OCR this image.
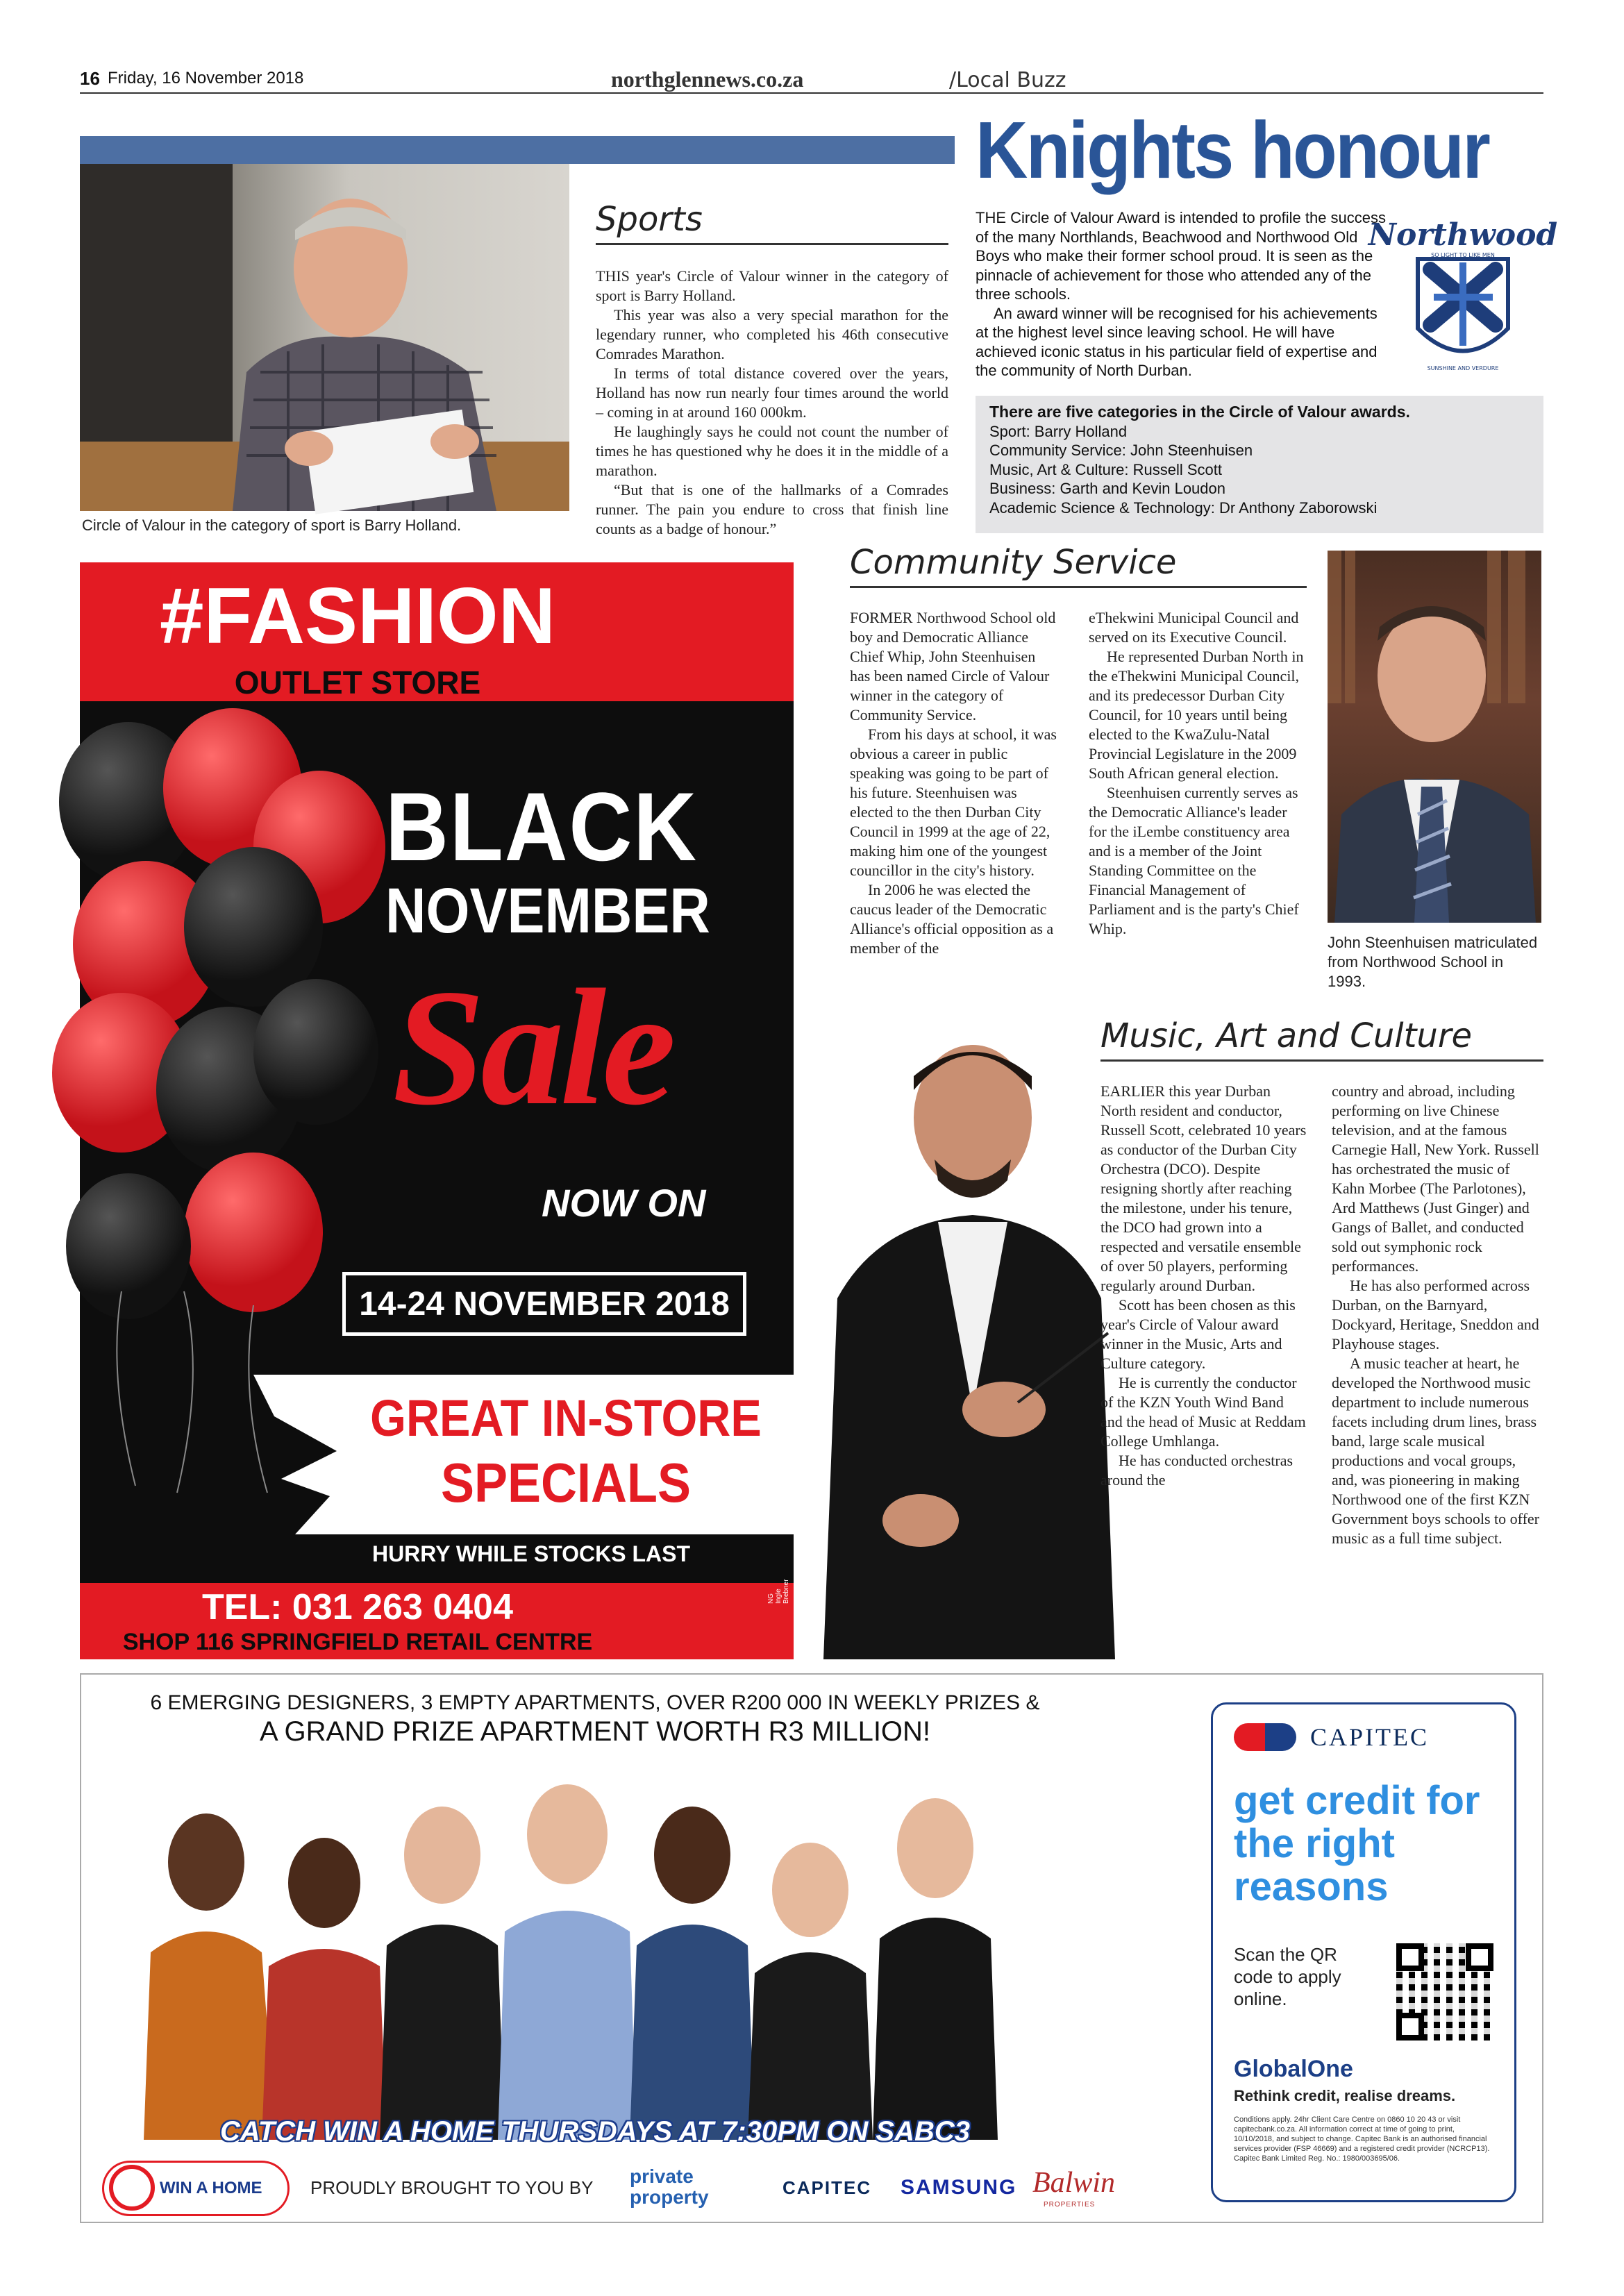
16 Friday, 16 November 2018	northglennews.co.za	/Local Buzz
Knights honour
Circle of Valour in the category of sport is Barry Holland.
Sports

THIS year's Circle of Valour winner in the category of sport is Barry Holland.

This year was also a very special marathon for the legendary runner, who completed his 46th consecutive Comrades Marathon.

In terms of total distance covered over the years, Holland has now run nearly four times around the world – coming in at around 160 000km.

He laughingly says he could not count the number of times he has questioned why he does it in the middle of a marathon.

“But that is one of the hallmarks of a Comrades runner. The pain you endure to cross that finish line counts as a badge of honour.”

THE Circle of Valour Award is intended to profile the success of the many Northlands, Beachwood and Northwood Old Boys who make their former school proud. It is seen as the pinnacle of achievement for those who attended any of the three schools.

An award winner will be recognised for his achievements at the highest level since leaving school. He will have achieved iconic status in his particular field of expertise and the community of North Durban.

Northwood
SO LIGHT TO LIKE MEN
SUNSHINE AND VERDURE
There are five categories in the Circle of Valour awards.
Sport: Barry Holland
Community Service: John Steenhuisen
Music, Art & Culture: Russell Scott
Business: Garth and Kevin Loudon
Academic Science & Technology: Dr Anthony Zaborowski
#FASHION
OUTLET STORE
BLACK
NOVEMBER
Sale
NOW ON
14-24 NOVEMBER 2018
GREAT IN-STORE
SPECIALS
HURRY WHILE STOCKS LAST
TEL: 031 263 0404
SHOP 116 SPRINGFIELD RETAIL CENTRE
NG Ingle Brebner
Community Service

FORMER Northwood School old boy and Democratic Alliance Chief Whip, John Steenhuisen has been named Circle of Valour winner in the category of Community Service.

From his days at school, it was obvious a career in public speaking was going to be part of his future. Steenhuisen was elected to the then Durban City Council in 1999 at the age of 22, making him one of the youngest councillor in the city's history.

In 2006 he was elected the caucus leader of the Democratic Alliance's official opposition as a member of the

eThekwini Municipal Council and served on its Executive Council.

He represented Durban North in the eThekwini Municipal Council, and its predecessor Durban City Council, for 10 years until being elected to the KwaZulu-Natal Provincial Legislature in the 2009 South African general election.

Steenhuisen currently serves as the Democratic Alliance's leader for the iLembe constituency area and is a member of the Joint Standing Committee on the Financial Management of Parliament and is the party's Chief Whip.

John Steenhuisen matriculated from Northwood School in 1993.
Music, Art and Culture

EARLIER this year Durban North resident and conductor, Russell Scott, celebrated 10 years as conductor of the Durban City Orchestra (DCO). Despite resigning shortly after reaching the milestone, under his tenure, the DCO had grown into a respected and versatile ensemble of over 50 players, performing regularly around Durban.

Scott has been chosen as this year's Circle of Valour award winner in the Music, Arts and Culture category.

He is currently the conductor of the KZN Youth Wind Band and the head of Music at Reddam College Umhlanga.

He has conducted orchestras around the

country and abroad, including performing on live Chinese television, and at the famous Carnegie Hall, New York. Russell has orchestrated the music of Kahn Morbee (The Parlotones), Ard Matthews (Just Ginger) and Gangs of Ballet, and conducted sold out symphonic rock performances.

He has also performed across Durban, on the Barnyard, Dockyard, Heritage, Sneddon and Playhouse stages.

A music teacher at heart, he developed the Northwood music department to include numerous facets including drum lines, brass band, large scale musical productions and vocal groups, and, was pioneering in making Northwood one of the first KZN Government boys schools to offer music as a full time subject.

6 EMERGING DESIGNERS, 3 EMPTY APARTMENTS, OVER R200 000 IN WEEKLY PRIZES &
A GRAND PRIZE APARTMENT WORTH R3 MILLION!
CATCH WIN A HOME THURSDAYS AT 7:30PM ON SABC3
WIN A HOME	PROUDLY BROUGHT TO YOU BY
private property	CAPITEC SAMSUNG Balwin
PROPERTIES
CAPITEC
get credit for the right reasons
Scan the QR code to apply online.
GlobalOne
Rethink credit, realise dreams.
Conditions apply. 24hr Client Care Centre on 0860 10 20 43 or visit capitecbank.co.za. All information correct at time of going to print, 10/10/2018, and subject to change. Capitec Bank is an authorised financial services provider (FSP 46669) and a registered credit provider (NCRCP13). Capitec Bank Limited Reg. No.: 1980/003695/06.
